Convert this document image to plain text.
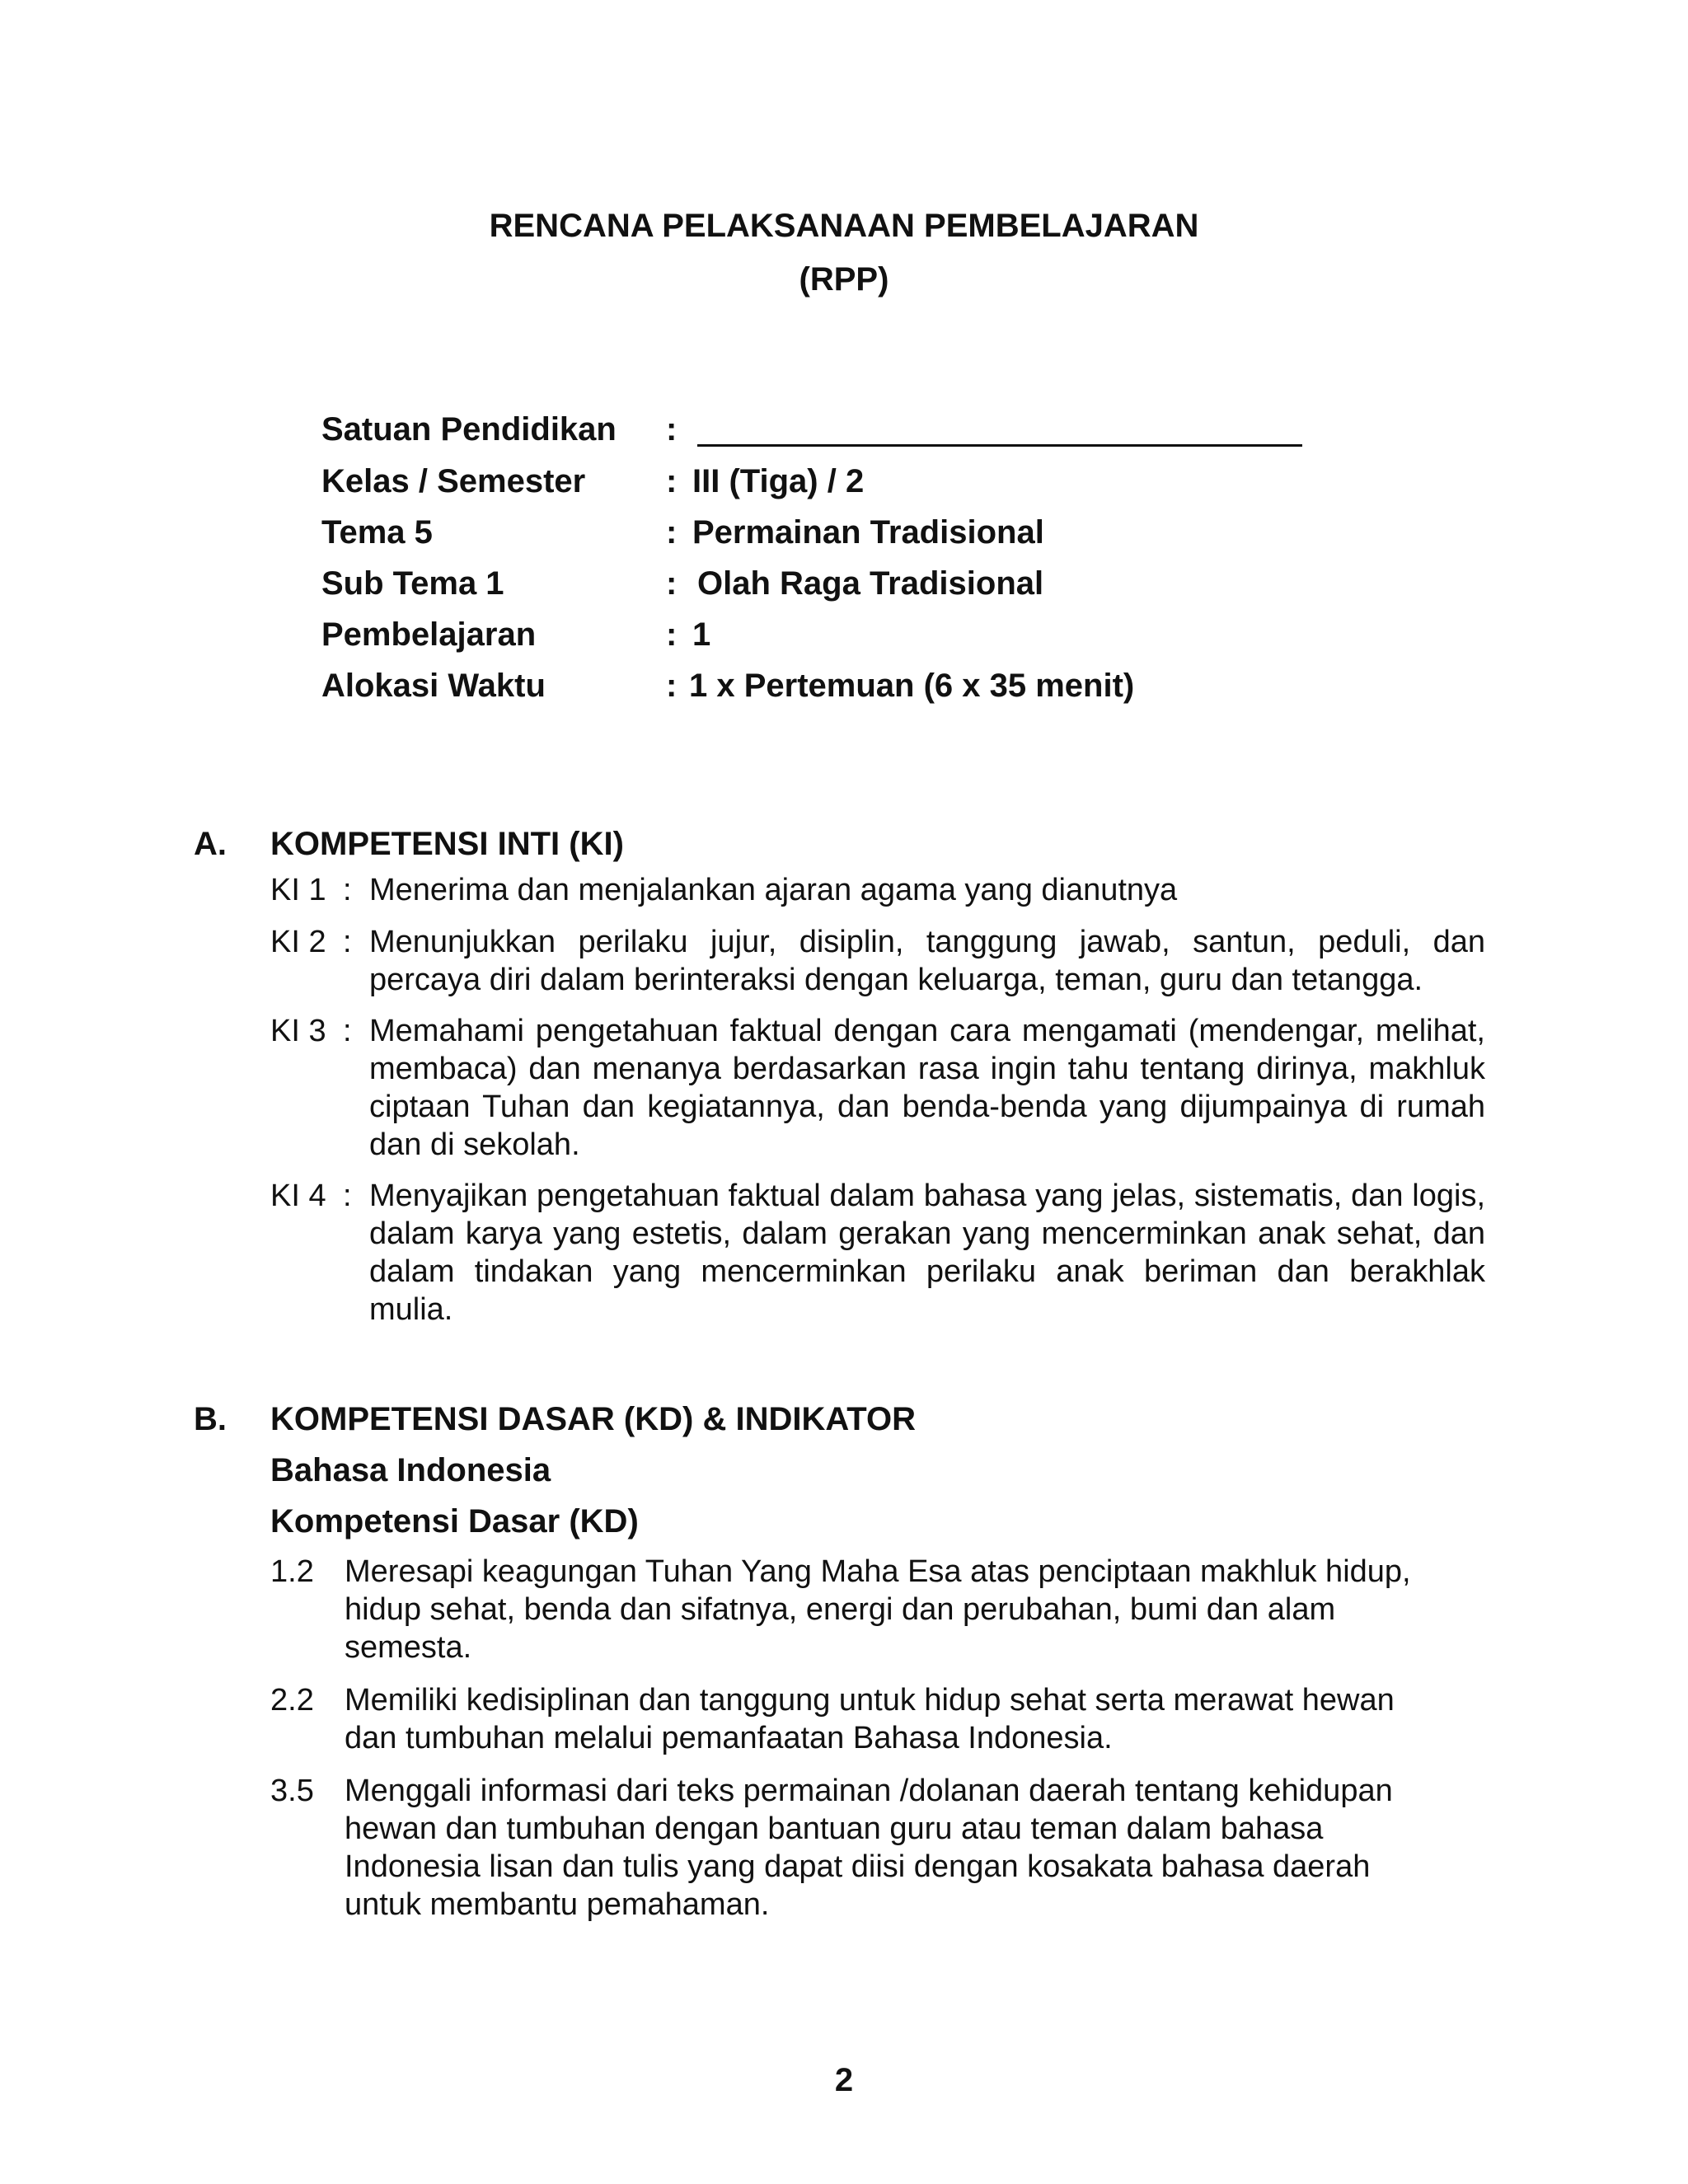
RENCANA PELAKSANAAN PEMBELAJARAN
(RPP)
Satuan Pendidikan :
Kelas / Semester : III (Tiga) / 2
Tema 5	: Permainan Tradisional
Sub Tema 1	: Olah Raga Tradisional
Pembelajaran	: 1
Alokasi Waktu	: 1 x Pertemuan (6 x 35 menit)
A. KOMPETENSI INTI (KI)
KI 1 : Menerima dan menjalankan ajaran agama yang dianutnya
KI 2 : Menunjukkan perilaku jujur, disiplin, tanggung jawab, santun, peduli, dan percaya diri dalam berinteraksi dengan keluarga, teman, guru dan tetangga.
KI 3 : Memahami pengetahuan faktual dengan cara mengamati (mendengar, melihat, membaca) dan menanya berdasarkan rasa ingin tahu tentang dirinya, makhluk ciptaan Tuhan dan kegiatannya, dan benda-benda yang dijumpainya di rumah dan di sekolah.
KI 4 : Menyajikan pengetahuan faktual dalam bahasa yang jelas, sistematis, dan logis, dalam karya yang estetis, dalam gerakan yang mencerminkan anak sehat, dan dalam tindakan yang mencerminkan perilaku anak beriman dan berakhlak mulia.
B. KOMPETENSI DASAR (KD) & INDIKATOR
Bahasa Indonesia
Kompetensi Dasar (KD)
1.2 Meresapi keagungan Tuhan Yang Maha Esa atas penciptaan makhluk hidup, hidup sehat, benda dan sifatnya, energi dan perubahan, bumi dan alam semesta.
2.2 Memiliki kedisiplinan dan tanggung untuk hidup sehat serta merawat hewan dan tumbuhan melalui pemanfaatan Bahasa Indonesia.
3.5 Menggali informasi dari teks permainan /dolanan daerah tentang kehidupan hewan dan tumbuhan dengan bantuan guru atau teman dalam bahasa Indonesia lisan dan tulis yang dapat diisi dengan kosakata bahasa daerah untuk membantu pemahaman.
2
